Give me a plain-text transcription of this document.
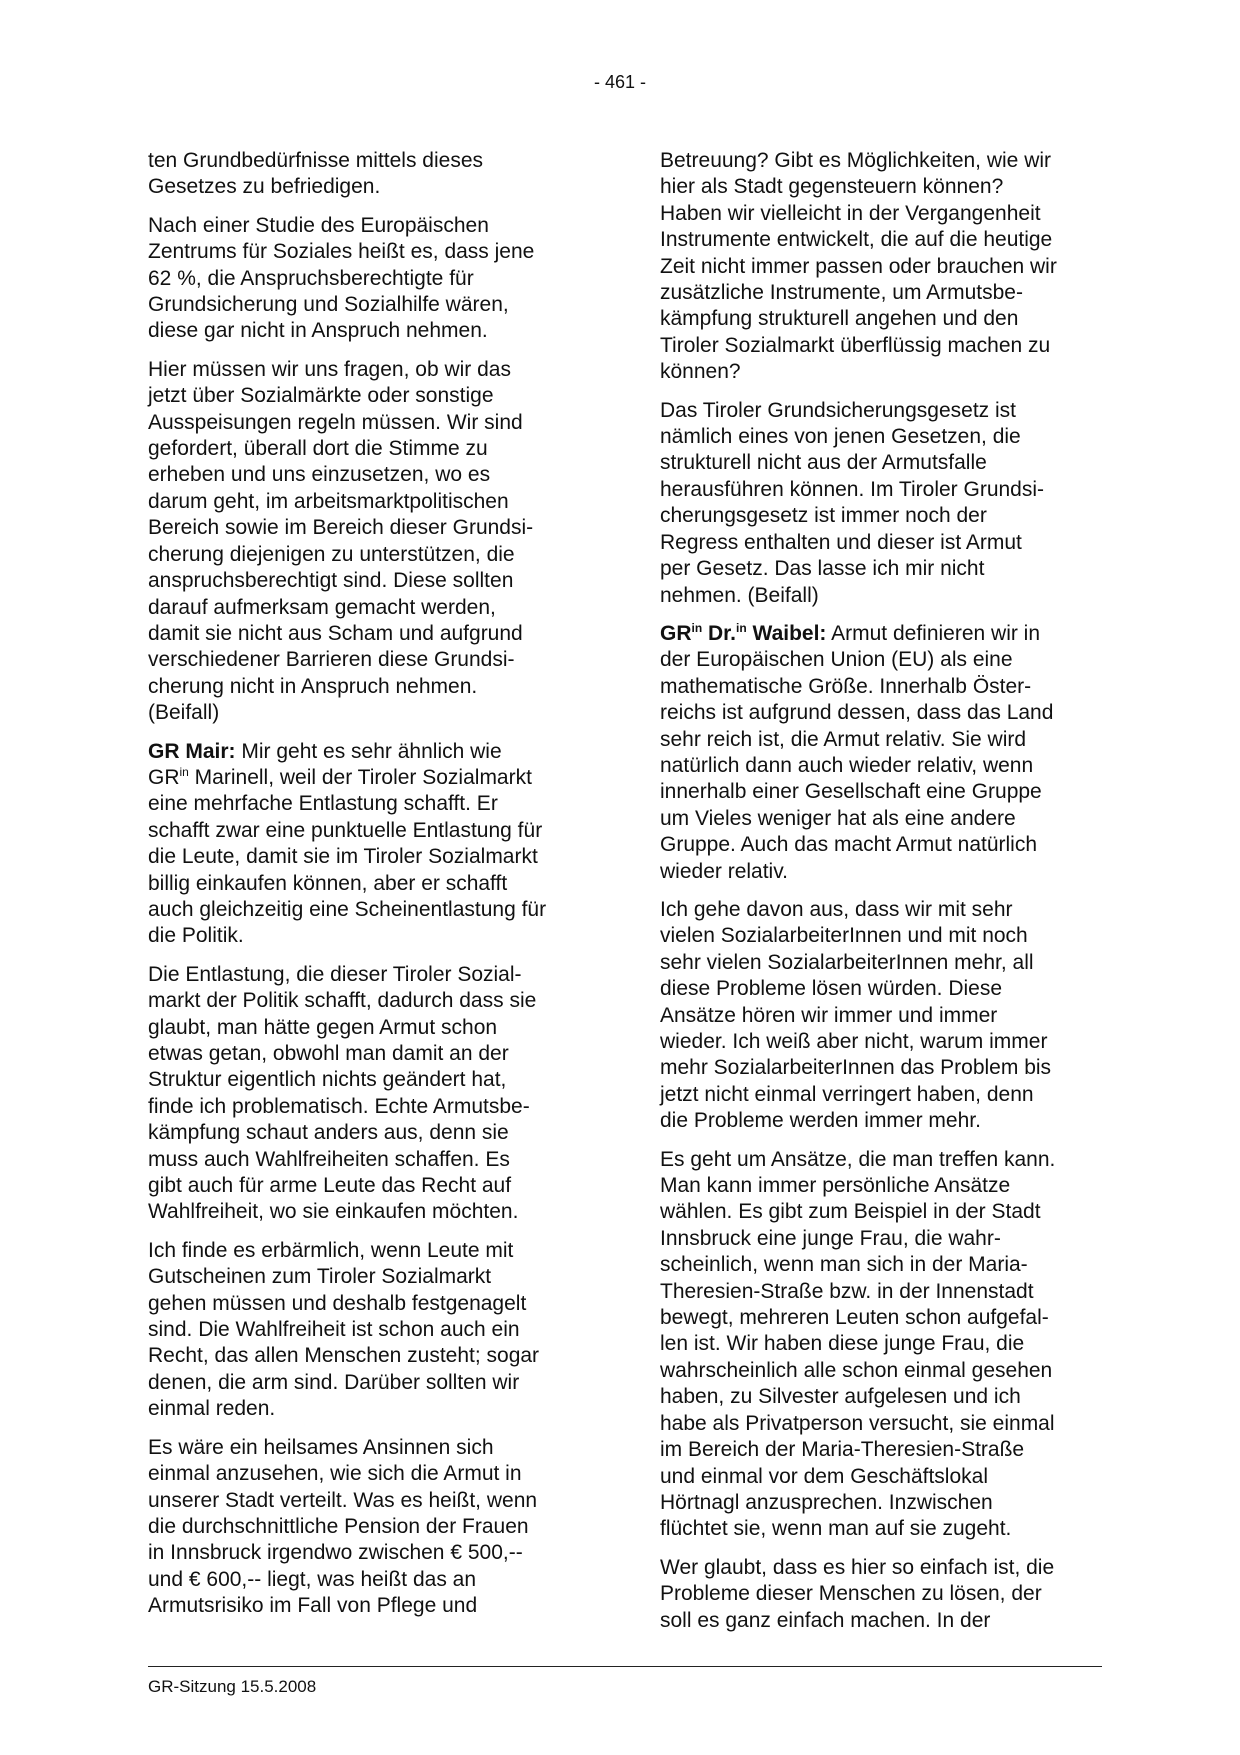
- 461 -

ten Grundbedürfnisse mittels dieses
Gesetzes zu befriedigen.

Nach einer Studie des Europäischen
Zentrums für Soziales heißt es, dass jene
62 %, die Anspruchsberechtigte für
Grundsicherung und Sozialhilfe wären,
diese gar nicht in Anspruch nehmen.

Hier müssen wir uns fragen, ob wir das
jetzt über Sozialmärkte oder sonstige
Ausspeisungen regeln müssen. Wir sind
gefordert, überall dort die Stimme zu
erheben und uns einzusetzen, wo es
darum geht, im arbeitsmarktpolitischen
Bereich sowie im Bereich dieser Grundsi-
cherung diejenigen zu unterstützen, die
anspruchsberechtigt sind. Diese sollten
darauf aufmerksam gemacht werden,
damit sie nicht aus Scham und aufgrund
verschiedener Barrieren diese Grundsi-
cherung nicht in Anspruch nehmen.
(Beifall)

GR Mair: Mir geht es sehr ähnlich wie
$GR^{in}$ Marinell, weil der Tiroler Sozialmarkt
eine mehrfache Entlastung schafft. Er
schafft zwar eine punktuelle Entlastung für
die Leute, damit sie im Tiroler Sozialmarkt
billig einkaufen können, aber er schafft
auch gleichzeitig eine Scheinentlastung für
die Politik.

Die Entlastung, die dieser Tiroler Sozial-
markt der Politik schafft, dadurch dass sie
glaubt, man hätte gegen Armut schon
etwas getan, obwohl man damit an der
Struktur eigentlich nichts geändert hat,
finde ich problematisch. Echte Armutsbe-
kämpfung schaut anders aus, denn sie
muss auch Wahlfreiheiten schaffen. Es
gibt auch für arme Leute das Recht auf
Wahlfreiheit, wo sie einkaufen möchten.

Ich finde es erbärmlich, wenn Leute mit
Gutscheinen zum Tiroler Sozialmarkt
gehen müssen und deshalb festgenagelt
sind. Die Wahlfreiheit ist schon auch ein
Recht, das allen Menschen zusteht; sogar
denen, die arm sind. Darüber sollten wir
einmal reden.

Es wäre ein heilsames Ansinnen sich
einmal anzusehen, wie sich die Armut in
unserer Stadt verteilt. Was es heißt, wenn
die durchschnittliche Pension der Frauen
in Innsbruck irgendwo zwischen € 500,--
und € 600,-- liegt, was heißt das an
Armutsrisiko im Fall von Pflege und

Betreuung? Gibt es Möglichkeiten, wie wir
hier als Stadt gegensteuern können?
Haben wir vielleicht in der Vergangenheit
Instrumente entwickelt, die auf die heutige
Zeit nicht immer passen oder brauchen wir
zusätzliche Instrumente, um Armutsbe-
kämpfung strukturell angehen und den
Tiroler Sozialmarkt überflüssig machen zu
können?

Das Tiroler Grundsicherungsgesetz ist
nämlich eines von jenen Gesetzen, die
strukturell nicht aus der Armutsfalle
herausführen können. Im Tiroler Grundsi-
cherungsgesetz ist immer noch der
Regress enthalten und dieser ist Armut
per Gesetz. Das lasse ich mir nicht
nehmen. (Beifall)

$GR^{in}$ Dr.$^{in}$ Waibel: Armut definieren wir in
der Europäischen Union (EU) als eine
mathematische Größe. Innerhalb Öster-
reichs ist aufgrund dessen, dass das Land
sehr reich ist, die Armut relativ. Sie wird
natürlich dann auch wieder relativ, wenn
innerhalb einer Gesellschaft eine Gruppe
um Vieles weniger hat als eine andere
Gruppe. Auch das macht Armut natürlich
wieder relativ.

Ich gehe davon aus, dass wir mit sehr
vielen SozialarbeiterInnen und mit noch
sehr vielen SozialarbeiterInnen mehr, all
diese Probleme lösen würden. Diese
Ansätze hören wir immer und immer
wieder. Ich weiß aber nicht, warum immer
mehr SozialarbeiterInnen das Problem bis
jetzt nicht einmal verringert haben, denn
die Probleme werden immer mehr.

Es geht um Ansätze, die man treffen kann.
Man kann immer persönliche Ansätze
wählen. Es gibt zum Beispiel in der Stadt
Innsbruck eine junge Frau, die wahr-
scheinlich, wenn man sich in der Maria-
Theresien-Straße bzw. in der Innenstadt
bewegt, mehreren Leuten schon aufgefal-
len ist. Wir haben diese junge Frau, die
wahrscheinlich alle schon einmal gesehen
haben, zu Silvester aufgelesen und ich
habe als Privatperson versucht, sie einmal
im Bereich der Maria-Theresien-Straße
und einmal vor dem Geschäftslokal
Hörtnagl anzusprechen. Inzwischen
flüchtet sie, wenn man auf sie zugeht.

Wer glaubt, dass es hier so einfach ist, die
Probleme dieser Menschen zu lösen, der
soll es ganz einfach machen. In der

GR-Sitzung 15.5.2008
